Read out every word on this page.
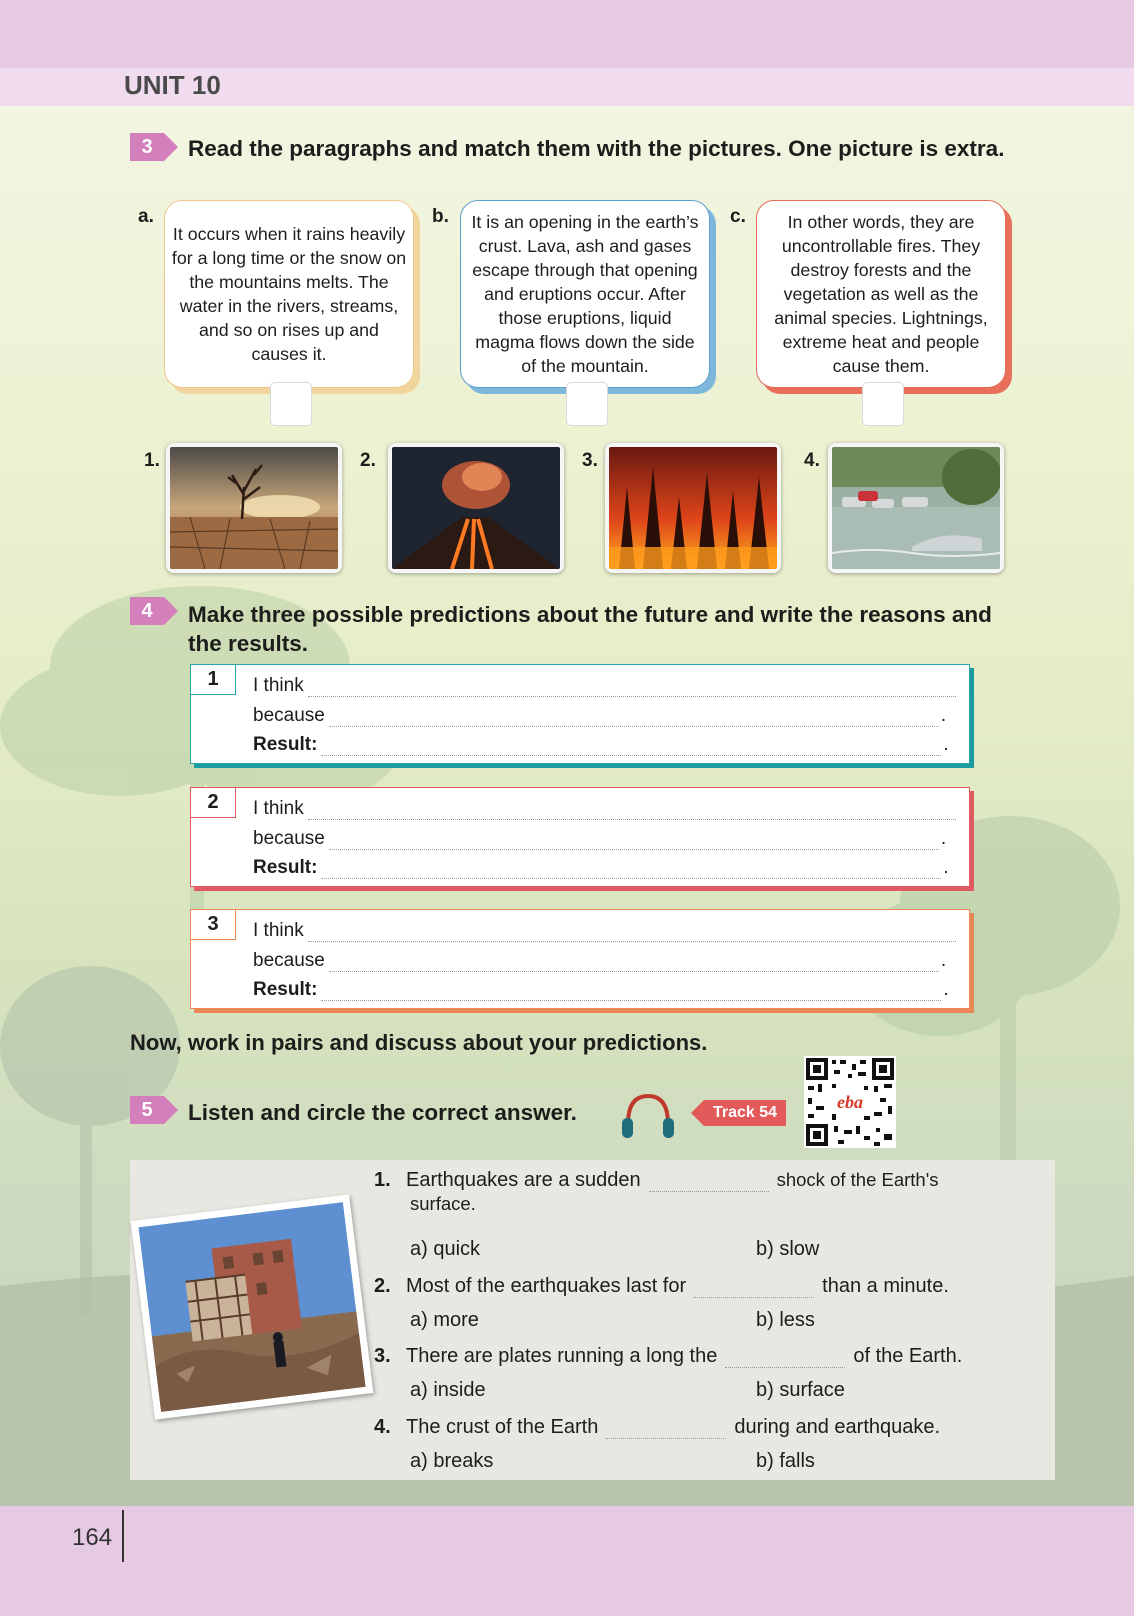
UNIT 10
3	Read the paragraphs and match them with the pictures. One picture is extra.
a.
It occurs when it rains heavily for a long time or the snow on the mountains melts. The water in the rivers, streams, and so on rises up and causes it.
b. It is an opening in the earth’s crust. Lava, ash and gases escape through that opening and eruptions occur. After those eruptions, liquid magma flows down the side of the mountain.
c.	In other words, they are uncontrollable fires. They destroy forests and the vegetation as well as the animal species. Lightnings, extreme heat and people cause them.
1.	2.	3.	4.
4	Make three possible predictions about the future and write the reasons and the results.
1	I think
because	.
Result:	.
2	I think
because	.
Result:	.
3	I think
because	.
Result:	.
Now, work in pairs and discuss about your predictions.
5	Listen and circle the correct answer.	Track 54
eba
1. Earthquakes are a sudden	shock of the Earth's
surface.
a) quick	b) slow
2. Most of the earthquakes last for	than a minute.
a) more	b) less
3. There are plates running a long the	of the Earth.
a) inside	b) surface
4. The crust of the Earth	during and earthquake.
a) breaks	b) falls
164
